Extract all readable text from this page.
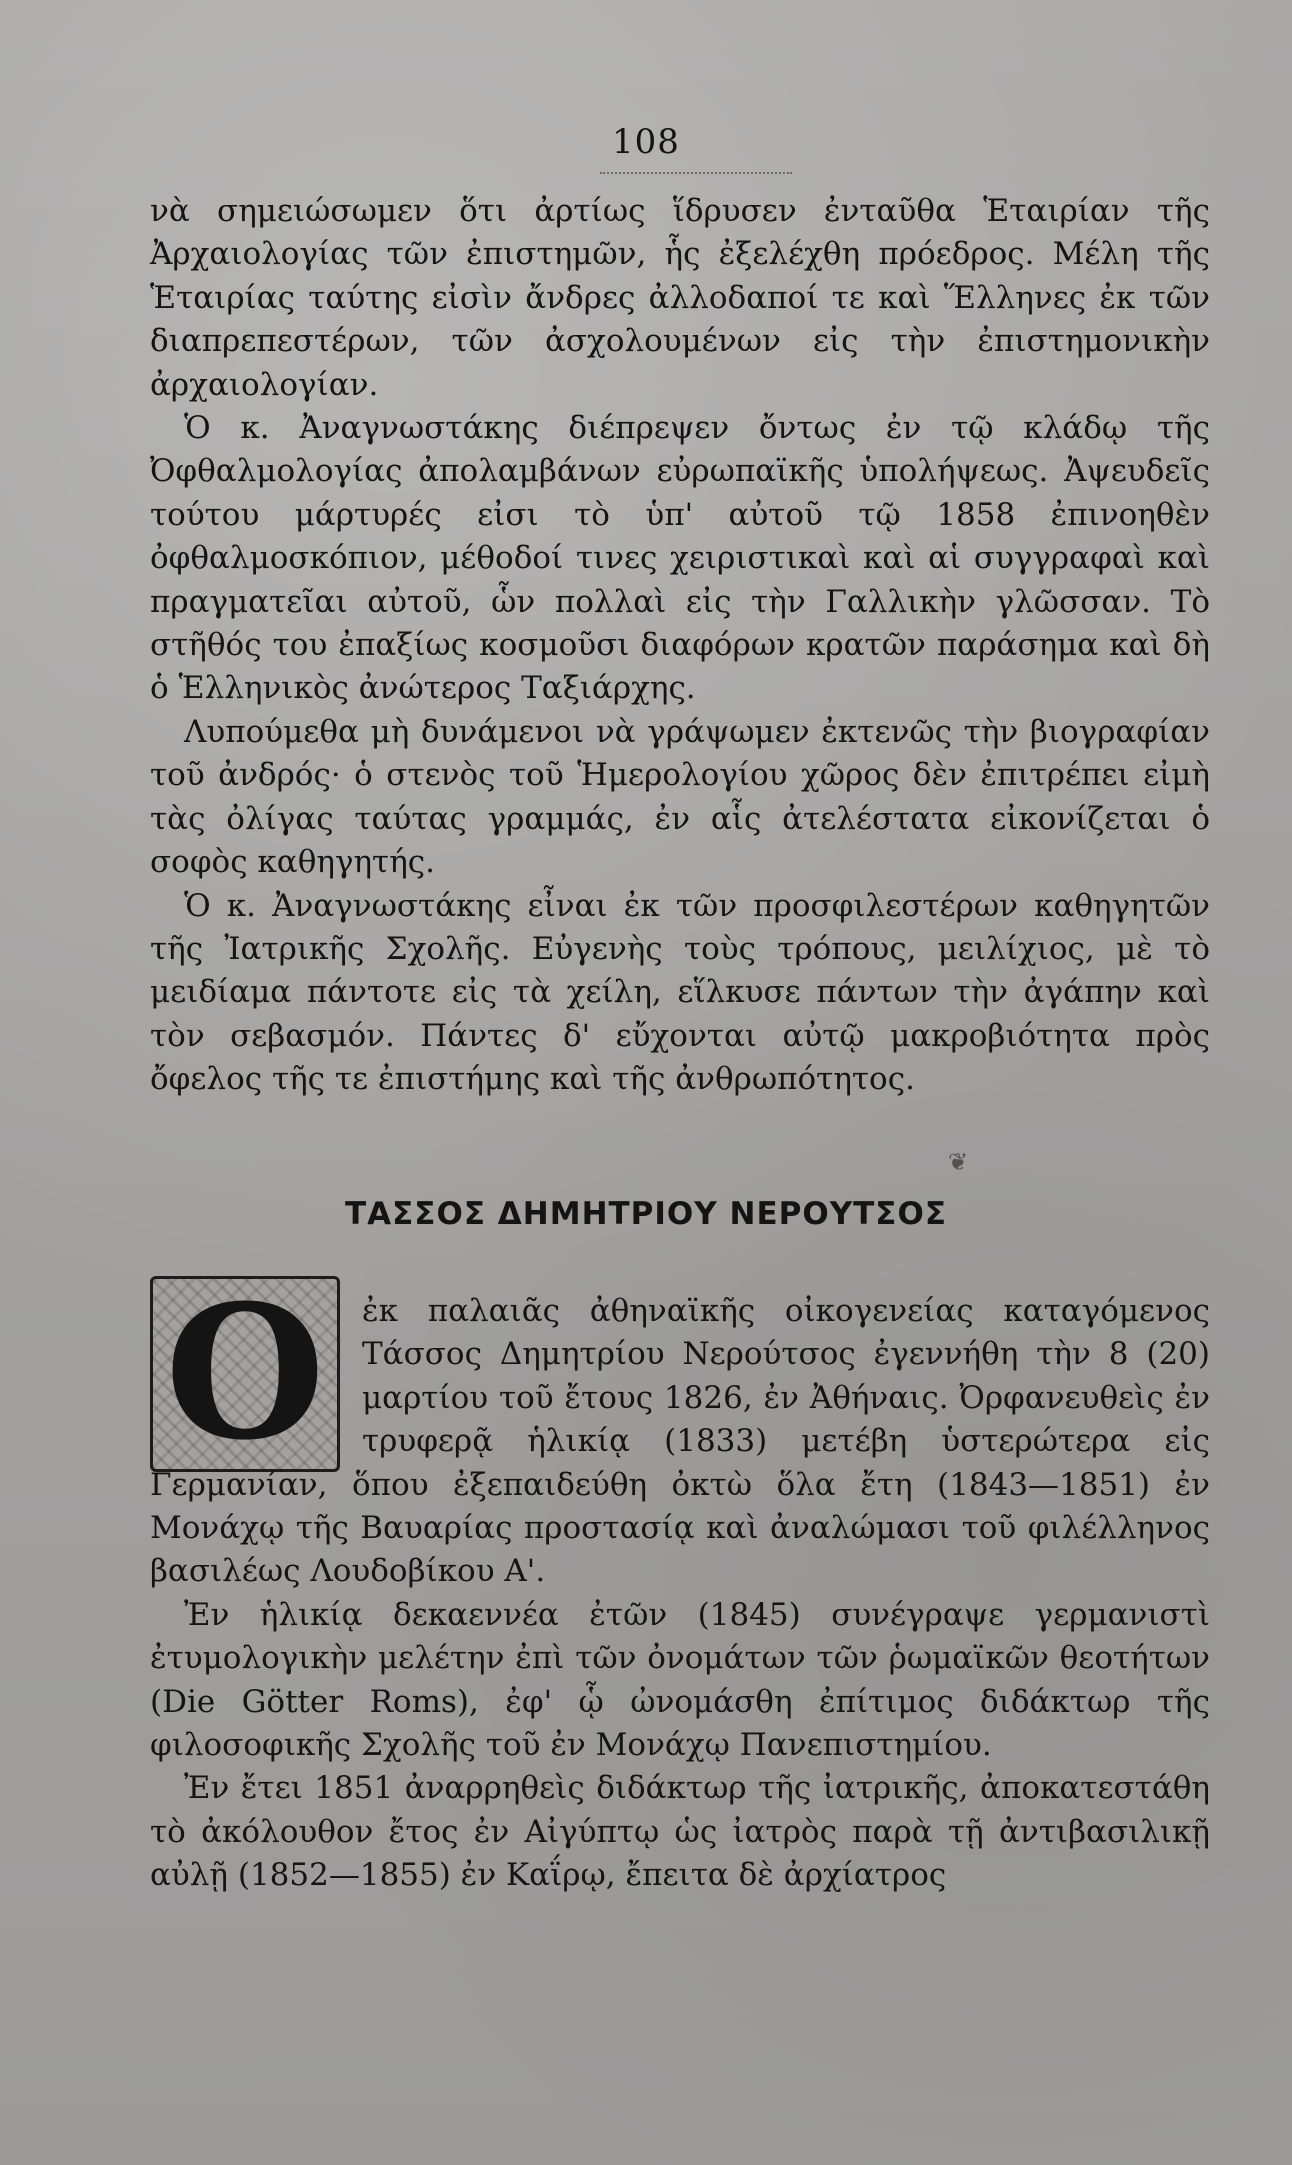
108

νὰ σημειώσωμεν ὅτι ἀρτίως ἵδρυσεν ἐνταῦθα Ἑταιρίαν τῆς Ἀρχαιολογίας τῶν ἐπιστημῶν, ἧς ἐξελέχθη πρόεδρος. Μέλη τῆς Ἑταιρίας ταύτης εἰσὶν ἄνδρες ἀλλοδαποί τε καὶ Ἕλληνες ἐκ τῶν διαπρεπεστέρων, τῶν ἀσχολουμένων εἰς τὴν ἐπιστημονικὴν ἀρχαιολογίαν.

Ὁ κ. Ἀναγνωστάκης διέπρεψεν ὄντως ἐν τῷ κλάδῳ τῆς Ὀφθαλμολογίας ἀπολαμβάνων εὐρωπαϊκῆς ὑπολήψεως. Ἀψευδεῖς τούτου μάρτυρές εἰσι τὸ ὑπ' αὐτοῦ τῷ 1858 ἐπινοηθὲν ὀφθαλμοσκόπιον, μέθοδοί τινες χειριστικαὶ καὶ αἱ συγγραφαὶ καὶ πραγματεῖαι αὐτοῦ, ὧν πολλαὶ εἰς τὴν Γαλλικὴν γλῶσσαν. Τὸ στῆθός του ἐπαξίως κοσμοῦσι διαφόρων κρατῶν παράσημα καὶ δὴ ὁ Ἑλληνικὸς ἀνώτερος Ταξιάρχης.

Λυπούμεθα μὴ δυνάμενοι νὰ γράψωμεν ἐκτενῶς τὴν βιογραφίαν τοῦ ἀνδρός· ὁ στενὸς τοῦ Ἡμερολογίου χῶρος δὲν ἐπιτρέπει εἰμὴ τὰς ὀλίγας ταύτας γραμμάς, ἐν αἷς ἀτελέστατα εἰκονίζεται ὁ σοφὸς καθηγητής.

Ὁ κ. Ἀναγνωστάκης εἶναι ἐκ τῶν προσφιλεστέρων καθηγητῶν τῆς Ἰατρικῆς Σχολῆς. Εὐγενὴς τοὺς τρόπους, μειλίχιος, μὲ τὸ μειδίαμα πάντοτε εἰς τὰ χείλη, εἵλκυσε πάντων τὴν ἀγάπην καὶ τὸν σεβασμόν. Πάντες δ' εὔχονται αὐτῷ μακροβιότητα πρὸς ὄφελος τῆς τε ἐπιστήμης καὶ τῆς ἀνθρωπότητος.

❦
ΤΑΣΣΟΣ ΔΗΜΗΤΡΙΟΥ ΝΕΡΟΥΤΣΟΣ
Ο	ἐκ παλαιᾶς ἀθηναϊκῆς οἰκογενείας καταγόμενος Τάσσος Δημητρίου Νερούτσος ἐγεννήθη τὴν 8 (20) μαρτίου τοῦ ἔτους 1826, ἐν Ἀθήναις. Ὀρφανευθεὶς ἐν τρυφερᾷ ἡλικίᾳ (1833) μετέβη ὑστερώτερα εἰς Γερμανίαν, ὅπου ἐξεπαιδεύθη ὀκτὼ ὅλα ἔτη (1843—1851) ἐν Μονάχῳ τῆς Βαυαρίας προστασίᾳ καὶ ἀναλώμασι τοῦ φιλέλληνος βασιλέως Λουδοβίκου Α'.

Ἐν ἡλικίᾳ δεκαεννέα ἐτῶν (1845) συνέγραψε γερμανιστὶ ἐτυμολογικὴν μελέτην ἐπὶ τῶν ὀνομάτων τῶν ῥωμαϊκῶν θεοτήτων (Die Götter Roms), ἐφ' ᾧ ὠνομάσθη ἐπίτιμος διδάκτωρ τῆς φιλοσοφικῆς Σχολῆς τοῦ ἐν Μονάχῳ Πανεπιστημίου.

Ἐν ἔτει 1851 ἀναρρηθεὶς διδάκτωρ τῆς ἰατρικῆς, ἀποκατεστάθη τὸ ἀκόλουθον ἔτος ἐν Αἰγύπτῳ ὡς ἰατρὸς παρὰ τῇ ἀντιβασιλικῇ αὐλῇ (1852—1855) ἐν Καΐρῳ, ἔπειτα δὲ ἀρχίατρος
